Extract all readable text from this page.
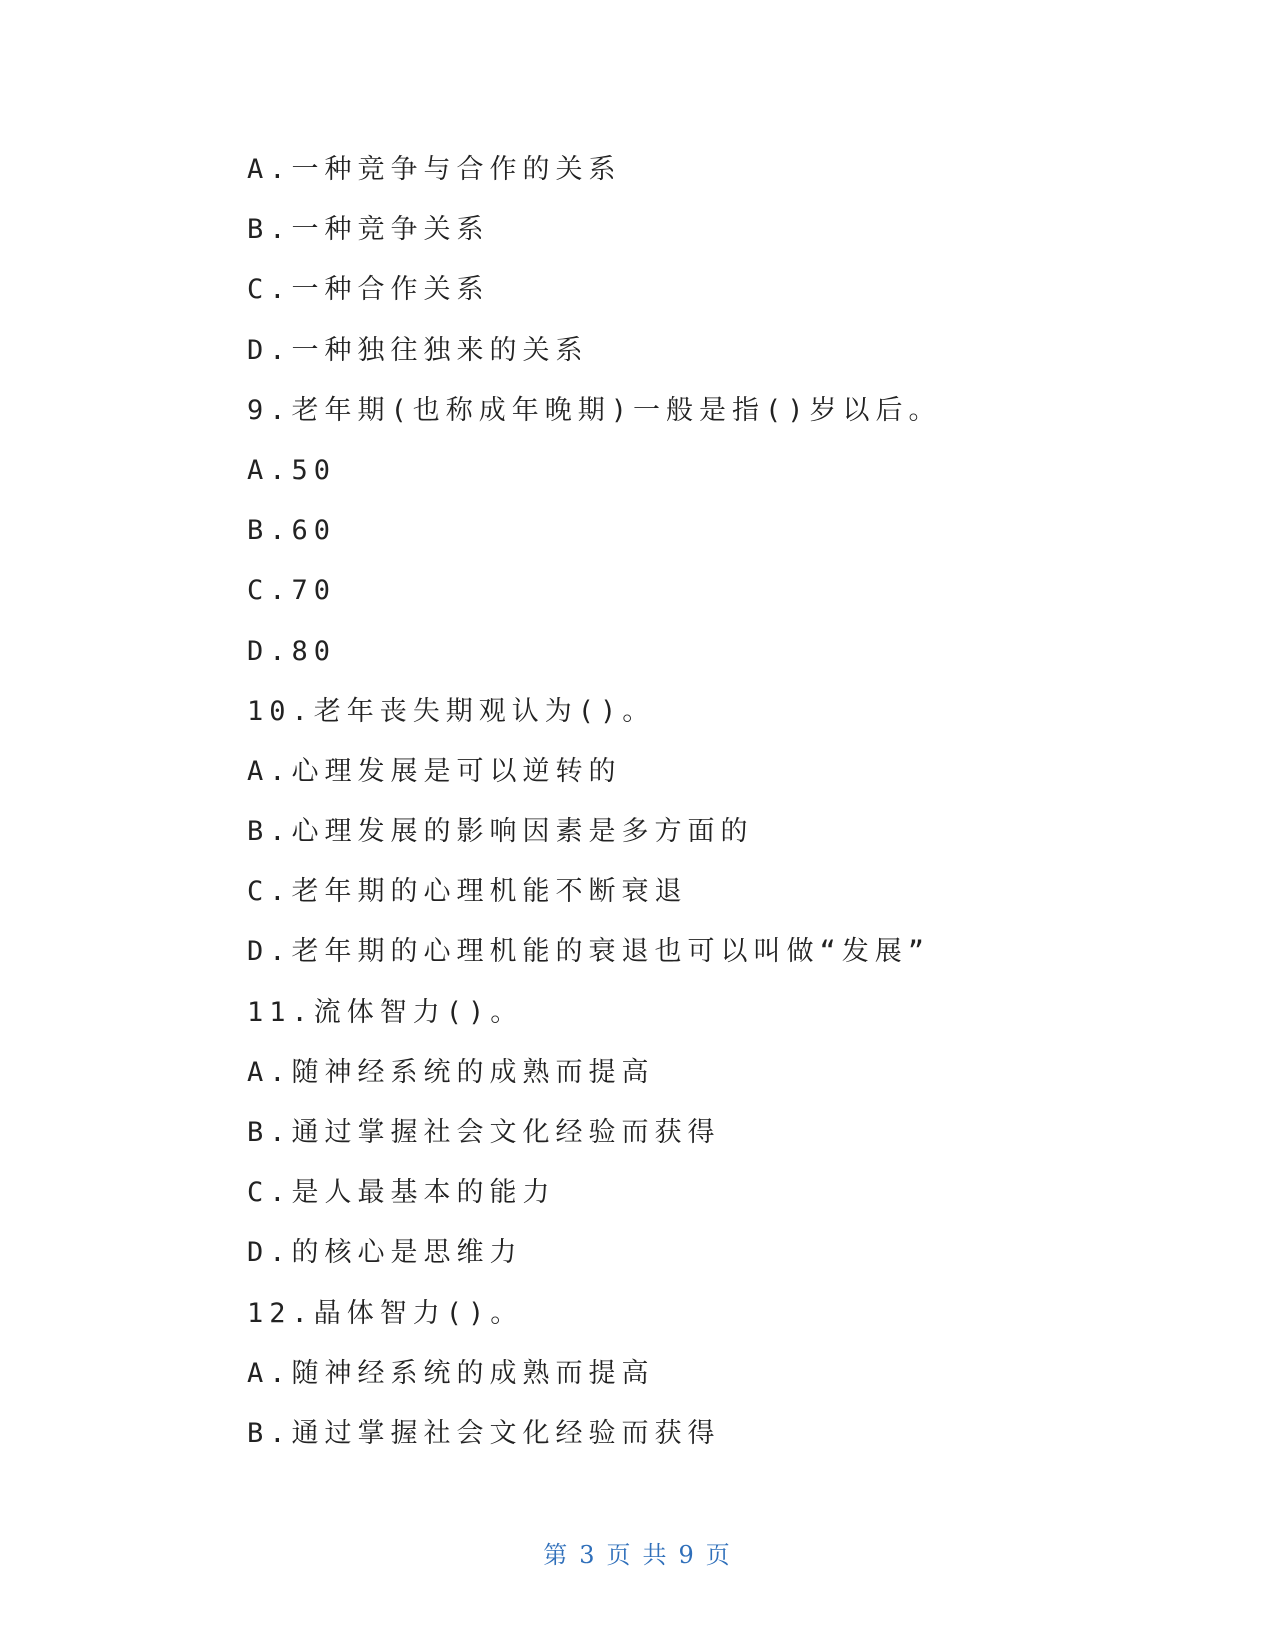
A.一种竞争与合作的关系
B.一种竞争关系
C.一种合作关系
D.一种独往独来的关系
9.老年期(也称成年晚期)一般是指()岁以后。
A.50
B.60
C.70
D.80
10.老年丧失期观认为()。
A.心理发展是可以逆转的
B.心理发展的影响因素是多方面的
C.老年期的心理机能不断衰退
D.老年期的心理机能的衰退也可以叫做“发展”
11.流体智力()。
A.随神经系统的成熟而提高
B.通过掌握社会文化经验而获得
C.是人最基本的能力
D.的核心是思维力
12.晶体智力()。
A.随神经系统的成熟而提高
B.通过掌握社会文化经验而获得
第 3 页 共 9 页
